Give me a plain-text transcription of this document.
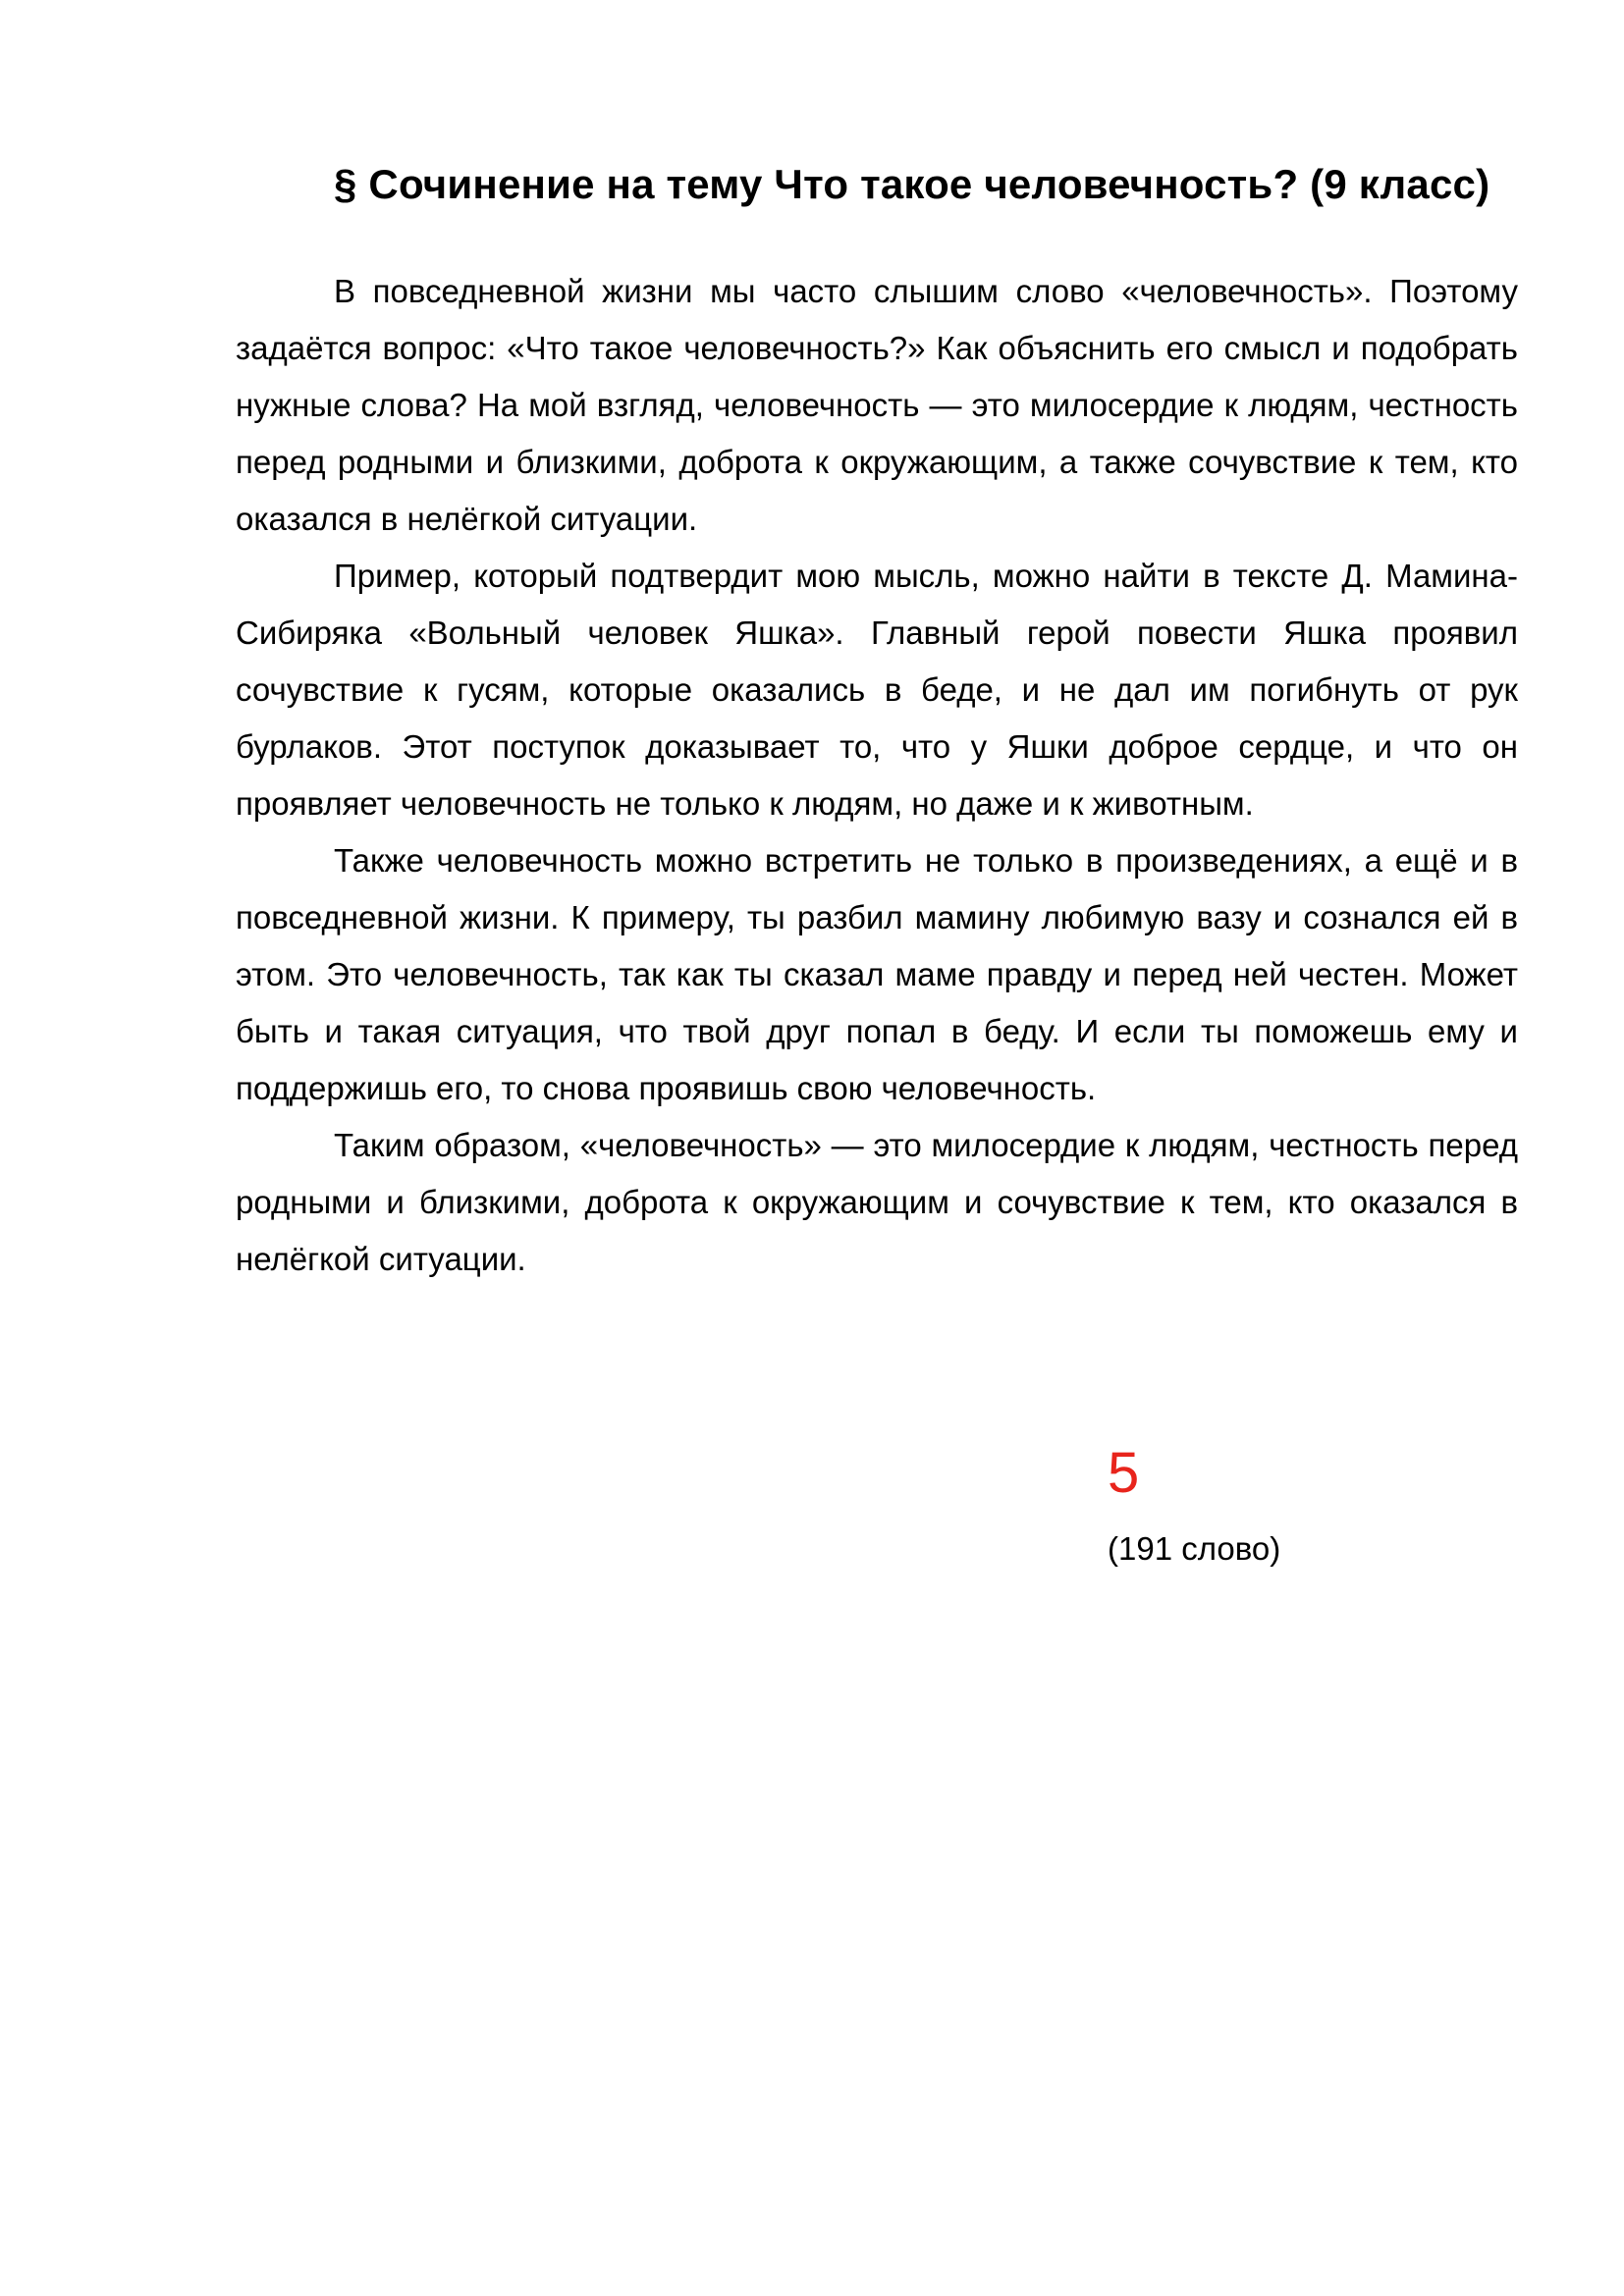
§ Сочинение на тему Что такое человечность? (9 класс)

В повседневной жизни мы часто слышим слово «человечность». Поэтому задаётся вопрос: «Что такое человечность?» Как объяснить его смысл и подобрать нужные слова? На мой взгляд, человечность — это милосердие к людям, честность перед родными и близкими, доброта к окружающим, а также сочувствие к тем, кто оказался в нелёгкой ситуации.

Пример, который подтвердит мою мысль, можно найти в тексте Д. Мамина-Сибиряка «Вольный человек Яшка». Главный герой повести Яшка проявил сочувствие к гусям, которые оказались в беде, и не дал им погибнуть от рук бурлаков. Этот поступок доказывает то, что у Яшки доброе сердце, и что он проявляет человечность не только к людям, но даже и к животным.

Также человечность можно встретить не только в произведениях, а ещё и в повседневной жизни. К примеру, ты разбил мамину любимую вазу и сознался ей в этом. Это человечность, так как ты сказал маме правду и перед ней честен. Может быть и такая ситуация, что твой друг попал в беду. И если ты поможешь ему и поддержишь его, то снова проявишь свою человечность.

Таким образом, «человечность» — это милосердие к людям, честность перед родными и близкими, доброта к окружающим и сочувствие к тем, кто оказался в нелёгкой ситуации.

5

(191 слово)
